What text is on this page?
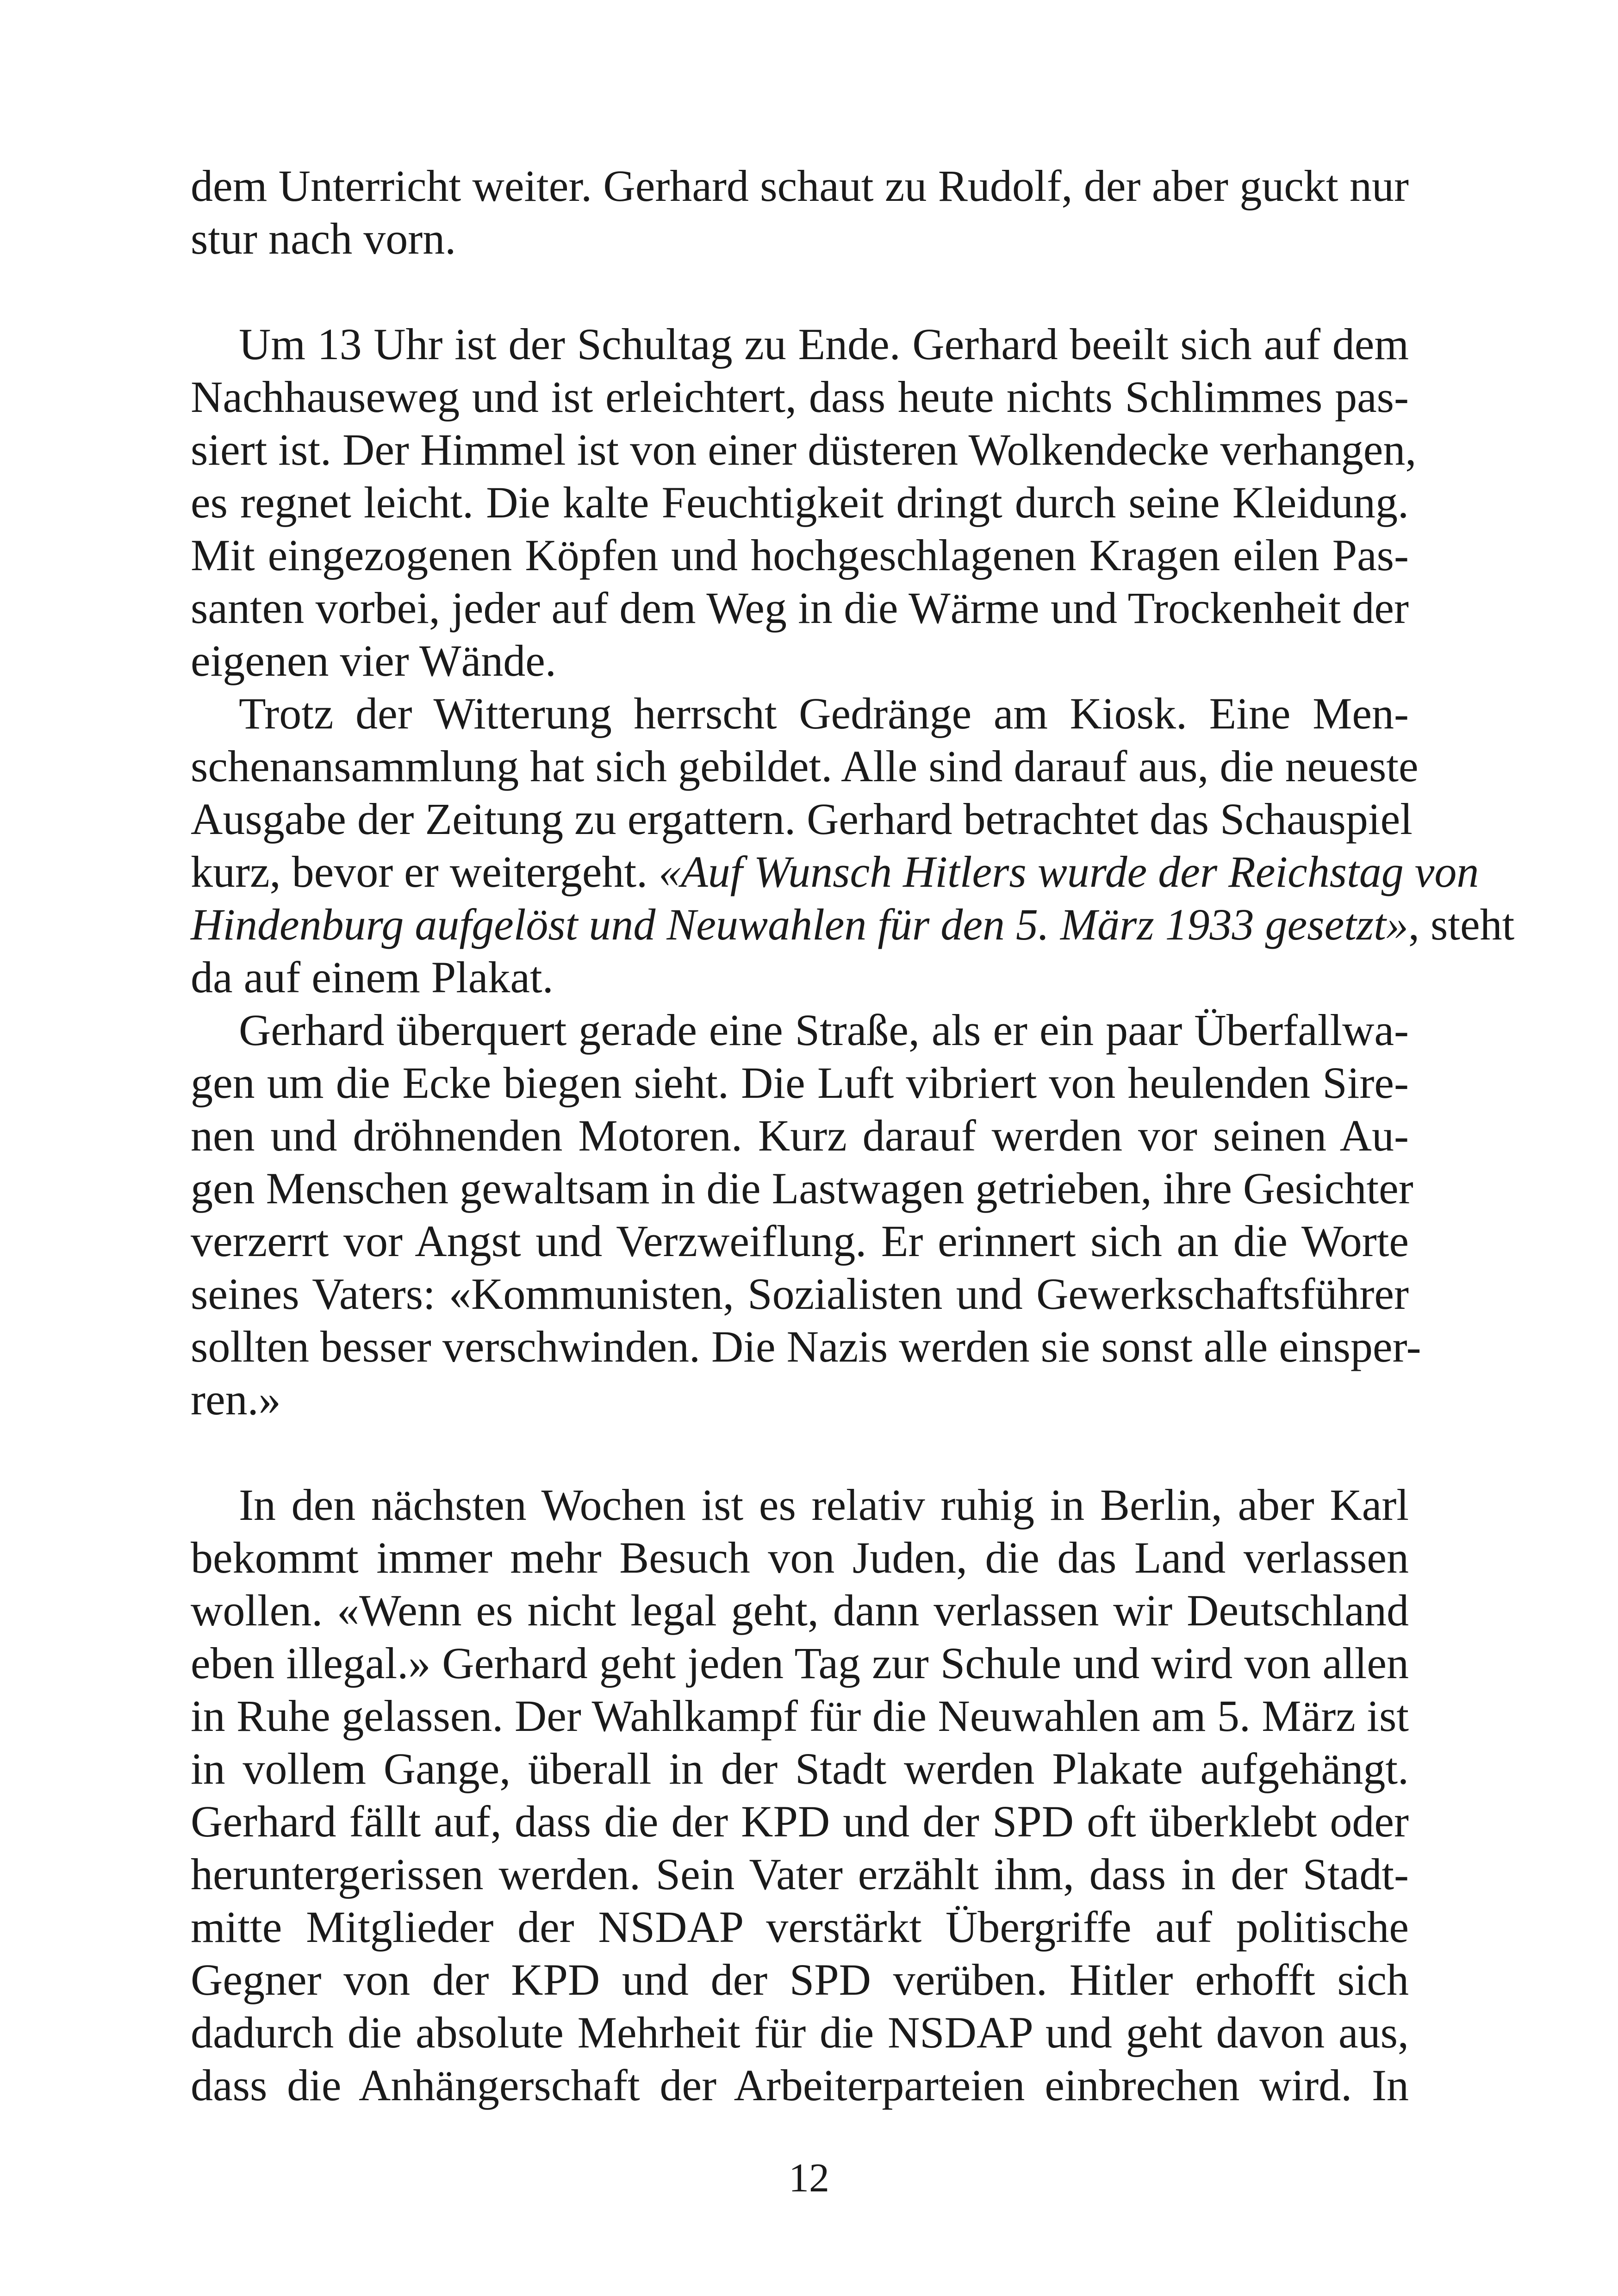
dem Unterricht weiter. Gerhard schaut zu Rudolf, der aber guckt nur
stur nach vorn.
Um 13 Uhr ist der Schultag zu Ende. Gerhard beeilt sich auf dem
Nachhauseweg und ist erleichtert, dass heute nichts Schlimmes pas-
siert ist. Der Himmel ist von einer düsteren Wolkendecke verhangen,
es regnet leicht. Die kalte Feuchtigkeit dringt durch seine Kleidung.
Mit eingezogenen Köpfen und hochgeschlagenen Kragen eilen Pas-
santen vorbei, jeder auf dem Weg in die Wärme und Trockenheit der
eigenen vier Wände.
Trotz der Witterung herrscht Gedränge am Kiosk. Eine Men-
schenansammlung hat sich gebildet. Alle sind darauf aus, die neueste
Ausgabe der Zeitung zu ergattern. Gerhard betrachtet das Schauspiel
kurz, bevor er weitergeht. «Auf Wunsch Hitlers wurde der Reichstag von
Hindenburg aufgelöst und Neuwahlen für den 5. März 1933 gesetzt», steht
da auf einem Plakat.
Gerhard überquert gerade eine Straße, als er ein paar Überfallwa-
gen um die Ecke biegen sieht. Die Luft vibriert von heulenden Sire-
nen und dröhnenden Motoren. Kurz darauf werden vor seinen Au-
gen Menschen gewaltsam in die Lastwagen getrieben, ihre Gesichter
verzerrt vor Angst und Verzweiflung. Er erinnert sich an die Worte
seines Vaters: «Kommunisten, Sozialisten und Gewerkschaftsführer
sollten besser verschwinden. Die Nazis werden sie sonst alle einsper-
ren.»
In den nächsten Wochen ist es relativ ruhig in Berlin, aber Karl
bekommt immer mehr Besuch von Juden, die das Land verlassen
wollen. «Wenn es nicht legal geht, dann verlassen wir Deutschland
eben illegal.» Gerhard geht jeden Tag zur Schule und wird von allen
in Ruhe gelassen. Der Wahlkampf für die Neuwahlen am 5. März ist
in vollem Gange, überall in der Stadt werden Plakate aufgehängt.
Gerhard fällt auf, dass die der KPD und der SPD oft überklebt oder
heruntergerissen werden. Sein Vater erzählt ihm, dass in der Stadt-
mitte Mitglieder der NSDAP verstärkt Übergriffe auf politische
Gegner von der KPD und der SPD verüben. Hitler erhofft sich
dadurch die absolute Mehrheit für die NSDAP und geht davon aus,
dass die Anhängerschaft der Arbeiterparteien einbrechen wird. In
12
